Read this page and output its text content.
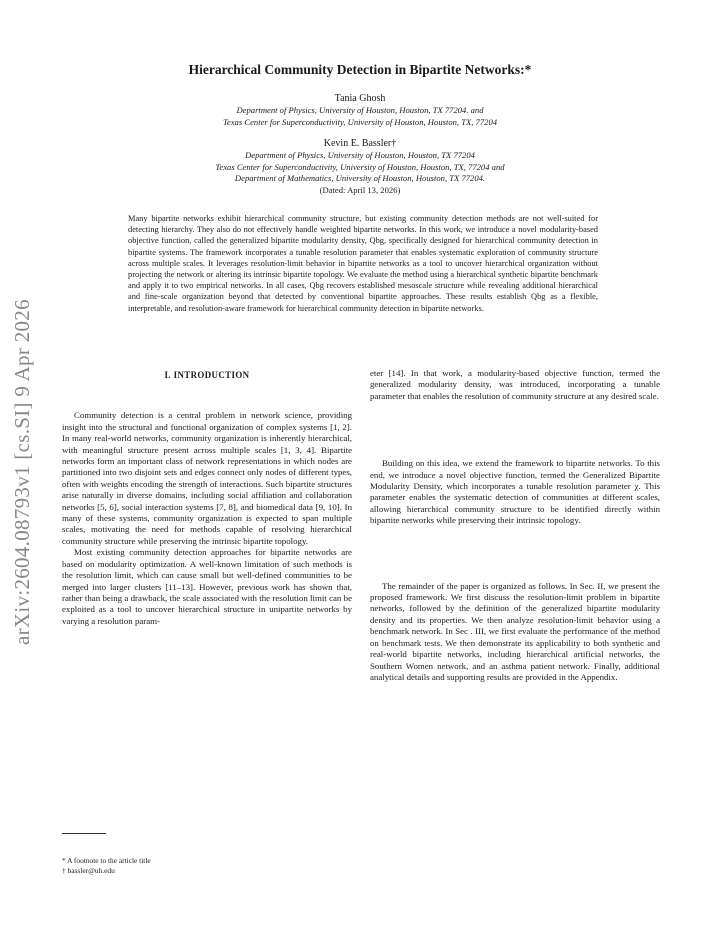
arXiv:2604.08793v1 [cs.SI] 9 Apr 2026

Hierarchical Community Detection in Bipartite Networks:*

Tania Ghosh

Department of Physics, University of Houston, Houston, TX 77204. and

Texas Center for Superconductivity, University of Houston, Houston, TX, 77204

Kevin E. Bassler†

Department of Physics, University of Houston, Houston, TX 77204

Texas Center for Superconductivity, University of Houston, Houston, TX, 77204 and

Department of Mathematics, University of Houston, Houston, TX 77204.

(Dated: April 13, 2026)

Many bipartite networks exhibit hierarchical community structure, but existing community detection methods are not well-suited for detecting hierarchy. They also do not effectively handle weighted bipartite networks. In this work, we introduce a novel modularity-based objective function, called the generalized bipartite modularity density, Qbg, specifically designed for hierarchical community detection in bipartite systems. The framework incorporates a tunable resolution parameter that enables systematic exploration of community structure across multiple scales. It leverages resolution-limit behavior in bipartite networks as a tool to uncover hierarchical organization without projecting the network or altering its intrinsic bipartite topology. We evaluate the method using a hierarchical synthetic bipartite benchmark and apply it to two empirical networks. In all cases, Qbg recovers established mesoscale structure while revealing additional hierarchical and fine-scale organization beyond that detected by conventional bipartite approaches. These results establish Qbg as a flexible, interpretable, and resolution-aware framework for hierarchical community detection in bipartite networks.

I. INTRODUCTION

Community detection is a central problem in network science, providing insight into the structural and functional organization of complex systems [1, 2]. In many real-world networks, community organization is inherently hierarchical, with meaningful structure present across multiple scales [1, 3, 4]. Bipartite networks form an important class of network representations in which nodes are partitioned into two disjoint sets and edges connect only nodes of different types, often with weights encoding the strength of interactions. Such bipartite structures arise naturally in diverse domains, including social affiliation and collaboration networks [5, 6], social interaction systems [7, 8], and biomedical data [9, 10]. In many of these systems, community organization is expected to span multiple scales, motivating the need for methods capable of resolving hierarchical community structure while preserving the intrinsic bipartite topology.

Most existing community detection approaches for bipartite networks are based on modularity optimization. A well-known limitation of such methods is the resolution limit, which can cause small but well-defined communities to be merged into larger clusters [11–13]. However, previous work has shown that, rather than being a drawback, the scale associated with the resolution limit can be exploited as a tool to uncover hierarchical structure in unipartite networks by varying a resolution param-

eter [14]. In that work, a modularity-based objective function, termed the generalized modularity density, was introduced, incorporating a tunable parameter that enables the resolution of community structure at any desired scale.

Building on this idea, we extend the framework to bipartite networks. To this end, we introduce a novel objective function, termed the Generalized Bipartite Modularity Density, which incorporates a tunable resolution parameter χ. This parameter enables the systematic detection of communities at different scales, allowing hierarchical community structure to be identified directly within bipartite networks while preserving their intrinsic topology.

The remainder of the paper is organized as follows. In Sec. II, we present the proposed framework. We first discuss the resolution-limit problem in bipartite networks, followed by the definition of the generalized bipartite modularity density and its properties. We then analyze resolution-limit behavior using a benchmark network. In Sec . III, we first evaluate the performance of the method on benchmark tests. We then demonstrate its applicability to both synthetic and real-world bipartite networks, including hierarchical artificial networks, the Southern Women network, and an asthma patient network. Finally, additional analytical details and supporting results are provided in the Appendix.

* A footnote to the article title

† bassler@uh.edu
